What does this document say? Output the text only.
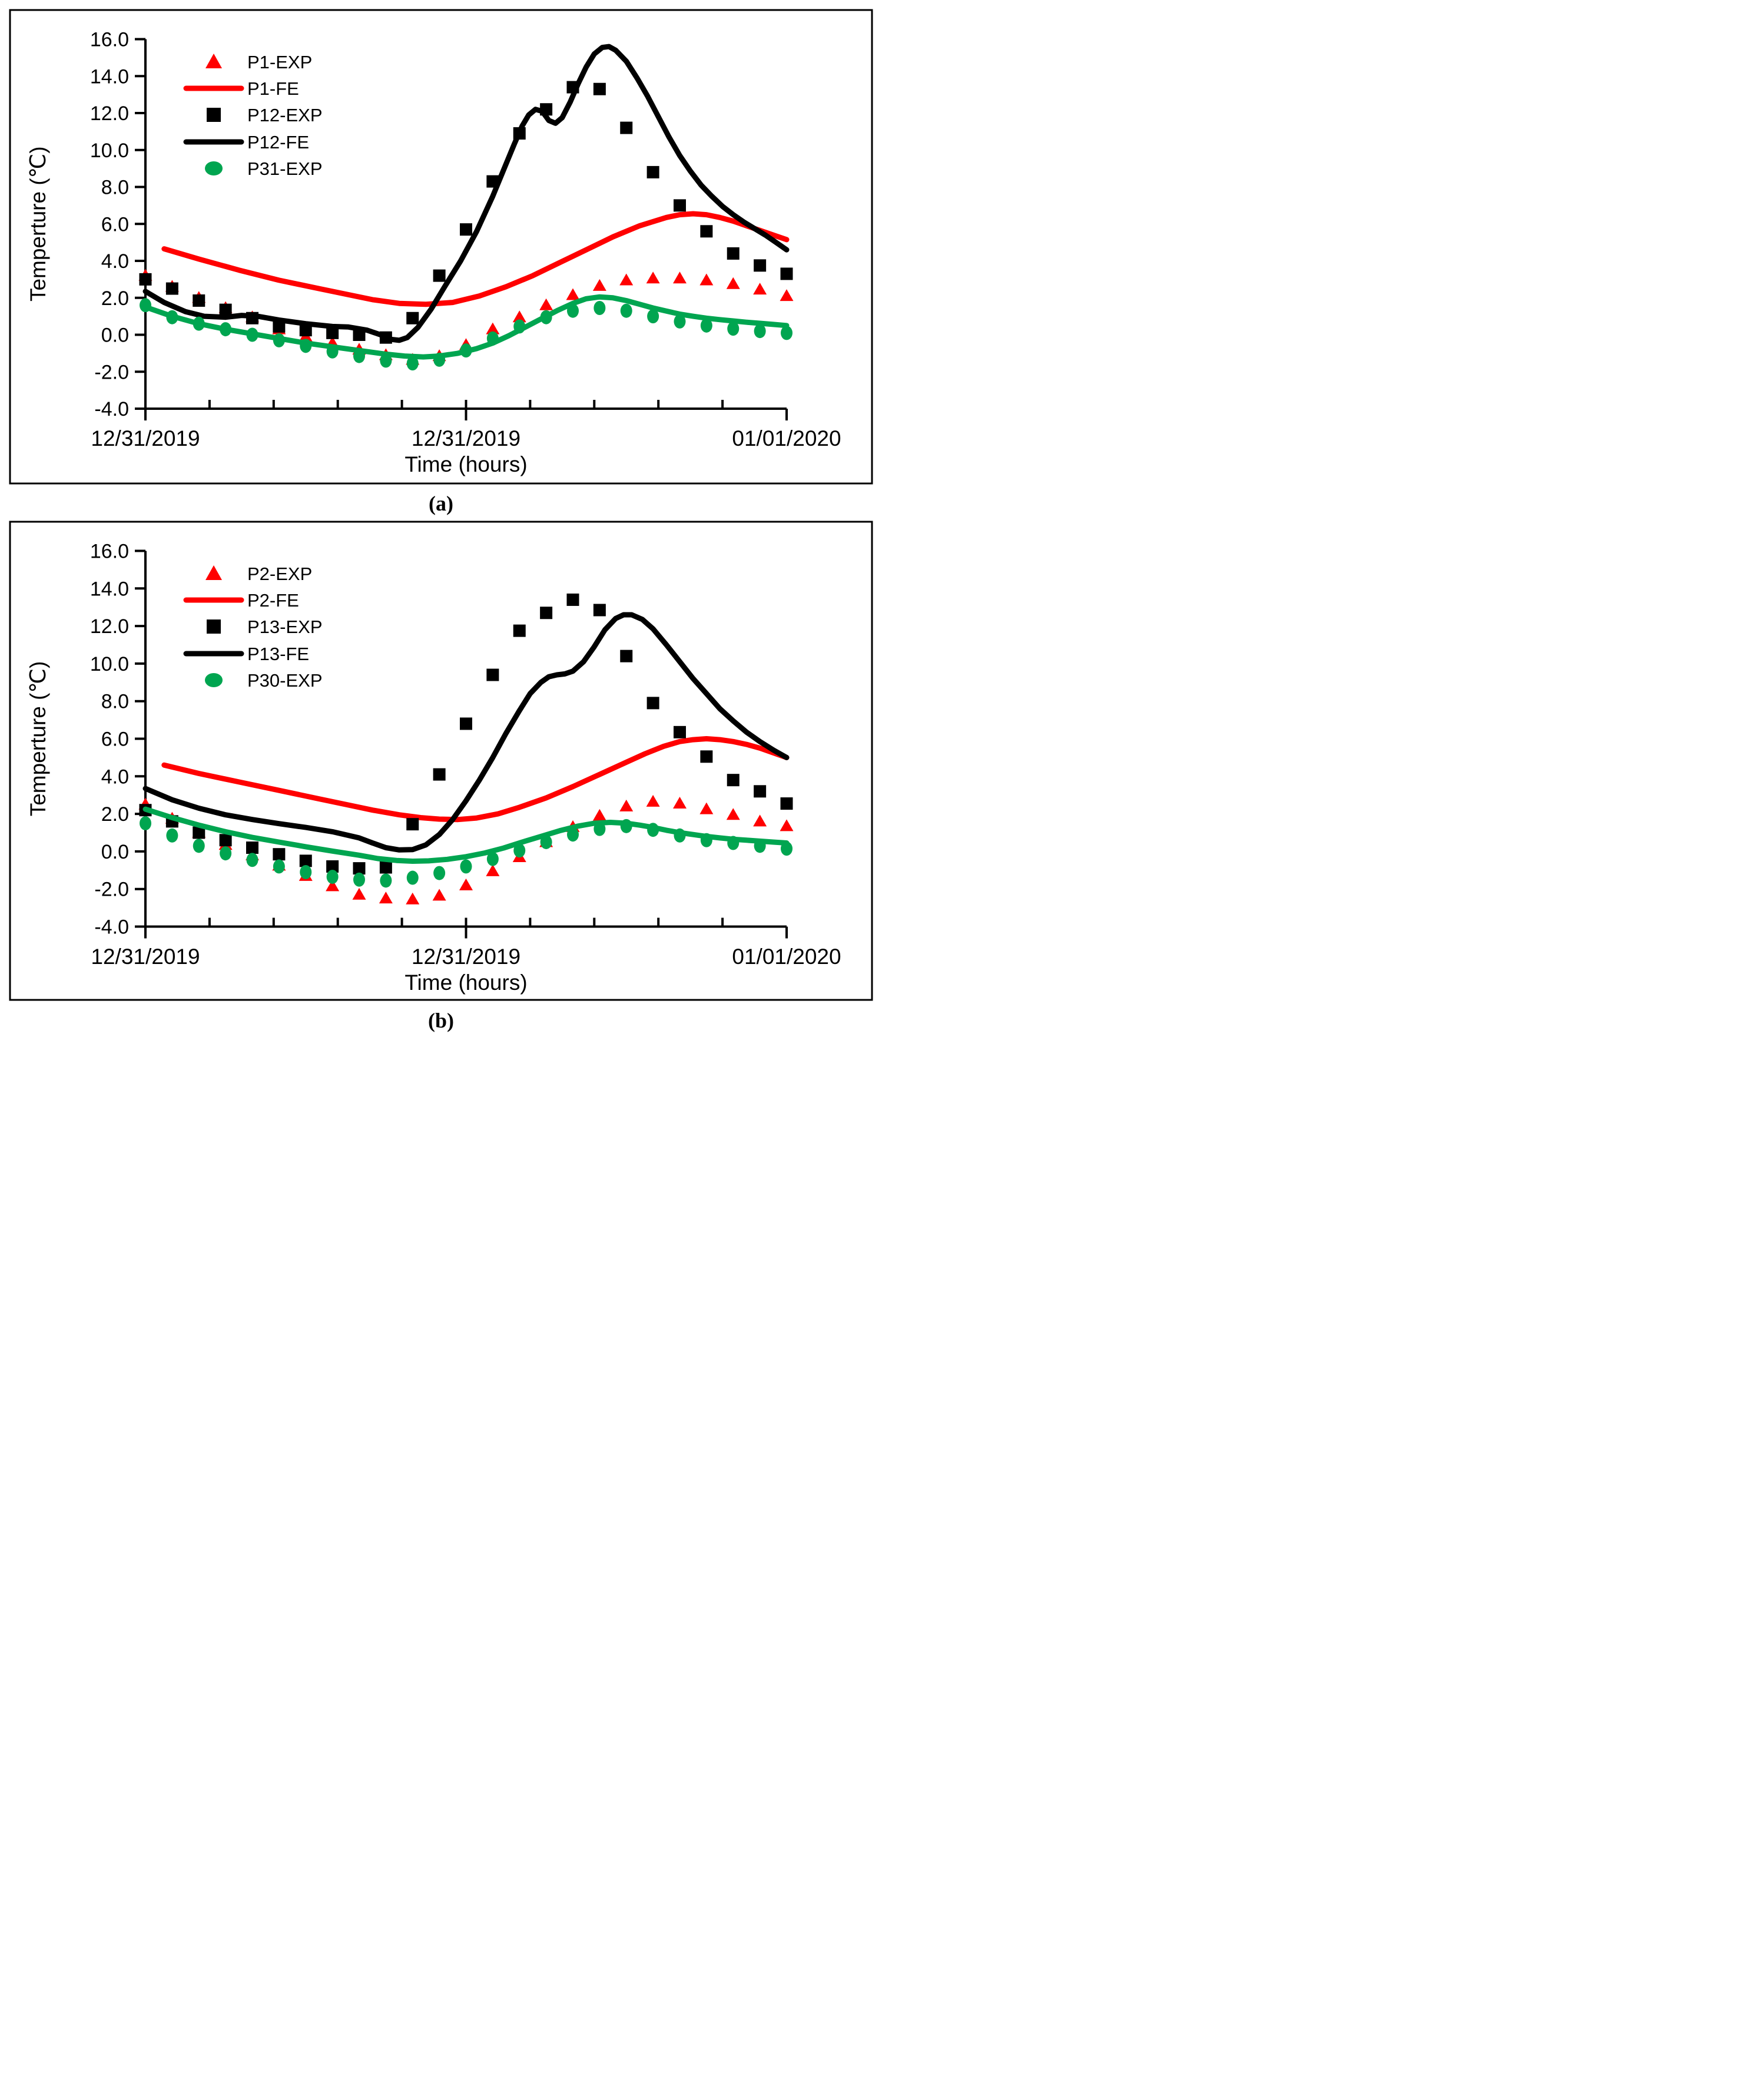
16.0
14.0
12.0
10.0
8.0
6.0
4.0
2.0
0.0
-2.0
-4.0
12/31/2019	12/31/2019	01/01/2020
Time (hours)
Temperture (℃)
P1-EXP
P1-FE
P12-EXP
P12-FE
P31-EXP
(a)
16.0
14.0
12.0
10.0
8.0
6.0
4.0
2.0
0.0
-2.0
-4.0
12/31/2019	12/31/2019	01/01/2020
Time (hours)
Temperture (℃)
P2-EXP
P2-FE
P13-EXP
P13-FE
P30-EXP
(b)
